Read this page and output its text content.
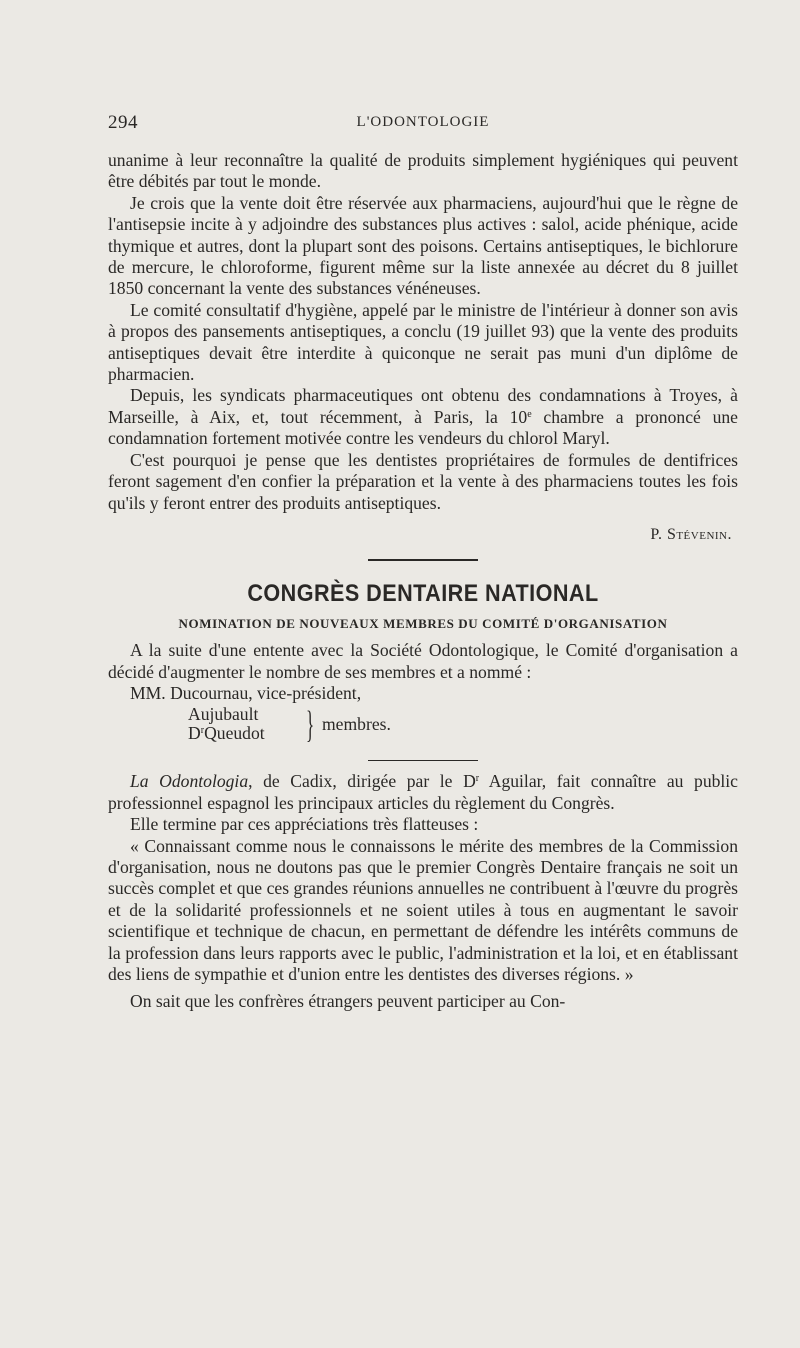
294	L'ODONTOLOGIE

unanime à leur reconnaître la qualité de produits simplement hygiéniques qui peuvent être débités par tout le monde.

Je crois que la vente doit être réservée aux pharmaciens, aujourd'hui que le règne de l'antisepsie incite à y adjoindre des substances plus actives : salol, acide phénique, acide thymique et autres, dont la plupart sont des poisons. Certains antiseptiques, le bichlorure de mercure, le chloroforme, figurent même sur la liste annexée au décret du 8 juillet 1850 concernant la vente des substances vénéneuses.

Le comité consultatif d'hygiène, appelé par le ministre de l'intérieur à donner son avis à propos des pansements antiseptiques, a conclu (19 juillet 93) que la vente des produits antiseptiques devait être interdite à quiconque ne serait pas muni d'un diplôme de pharmacien.

Depuis, les syndicats pharmaceutiques ont obtenu des condamnations à Troyes, à Marseille, à Aix, et, tout récemment, à Paris, la 10e chambre a prononcé une condamnation fortement motivée contre les vendeurs du chlorol Maryl.

C'est pourquoi je pense que les dentistes propriétaires de formules de dentifrices feront sagement d'en confier la préparation et la vente à des pharmaciens toutes les fois qu'ils y feront entrer des produits antiseptiques.

P. Stévenin.
CONGRÈS DENTAIRE NATIONAL
NOMINATION DE NOUVEAUX MEMBRES DU COMITÉ D'ORGANISATION

A la suite d'une entente avec la Société Odontologique, le Comité d'organisation a décidé d'augmenter le nombre de ses membres et a nommé :

MM. Ducournau, vice-président,

Aujubault
$D^rQueudot$ } membres.

La Odontologia, de Cadix, dirigée par le $D^r$ Aguilar, fait connaître au public professionnel espagnol les principaux articles du règlement du Congrès.

Elle termine par ces appréciations très flatteuses :

« Connaissant comme nous le connaissons le mérite des membres de la Commission d'organisation, nous ne doutons pas que le premier Congrès Dentaire français ne soit un succès complet et que ces grandes réunions annuelles ne contribuent à l'œuvre du progrès et de la solidarité professionnels et ne soient utiles à tous en augmentant le savoir scientifique et technique de chacun, en permettant de défendre les intérêts communs de la profession dans leurs rapports avec le public, l'administration et la loi, et en établissant des liens de sympathie et d'union entre les dentistes des diverses régions. »

On sait que les confrères étrangers peuvent participer au Con-
